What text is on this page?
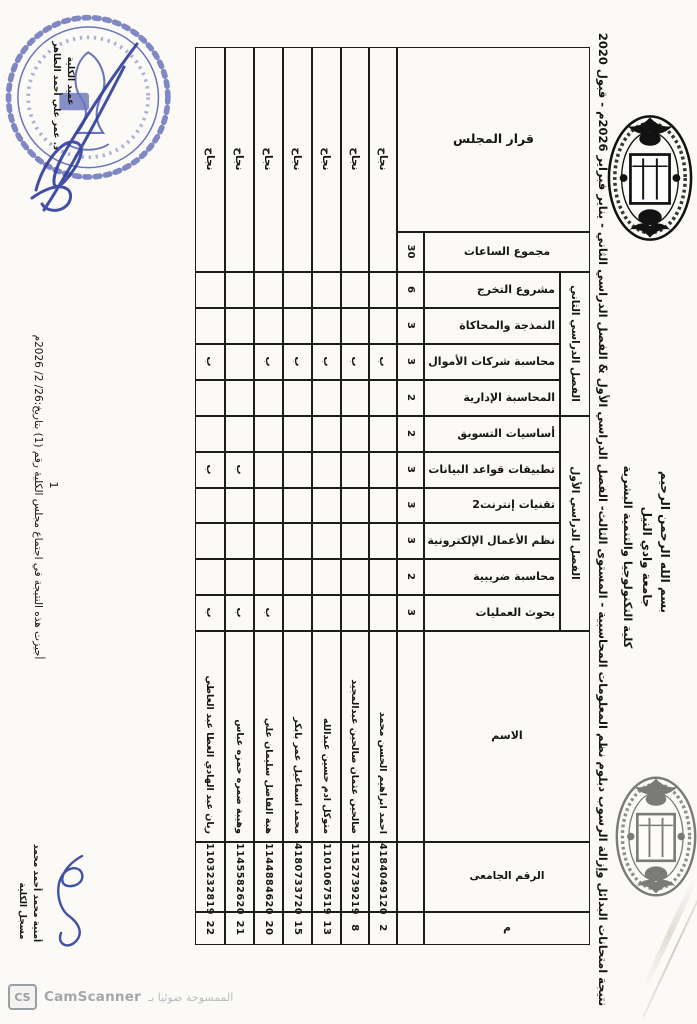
قرار المجلس
مجموع الساعات
30
مشروع التخرج
6
النمذجة والمحاكاة
3
محاسبة شركات الأموال
3
المحاسبة الإدارية
2
أساسيات التسويق
2
تطبيقات قواعد البيانات
3
تقنيات إنترنت2
3
نظم الأعمال الإلكترونية
3
محاسبة ضريبية
2
بحوث العمليات
3
الفصل الدراسي الثاني
الفصل الدراسي الأول
الاسم
الرقم الجامعى
م
نجاح
ب
احمد ابراهيم الحسن محمد
4184049120
2
نجاح
ب
صالحين عثمان صالحين عبدالمجيد
1152739219
8
نجاح
ب
متوكل ادم حسين عبدالله
1101067519
13
نجاح
ب
محمد اسماعيل عمر بابكر
4180733720
15
نجاح
ب
ب
هبة الفاضل سليمان علي
1144884620
20
نجاح
ب
ب
وهيبة ضمره حمزه عباس
1145582620
21
نجاح
ب
ب
ب
ريان عبد الهادي العطا عبد العاطي
1103232819
22
بسم الله الرحمن الرحيم
جامعة وادي النيل
كلية التكنولوجيا والتنمية البشرية
نتيجة امتحانات البدائل وإزالة الرسوب دبلوم نظم المعلومات المحاسبية - المستوى الثالث- الفصل الدراسي الأول & الفصل الدراسي الثاني - يناير فبراير 2026م - قبول 2020
أجيزت هذه النتيجة في اجتماع مجلس الكلية رقم (1) بتاريخ:26/ 2/ 2026م 1
د. عمر علي أحمد الطاهر عميد الكلية
أمنية محمد أحمد محمد
مسجل الكلية
CS CamScanner الممسوحة ضوئيا بـ
